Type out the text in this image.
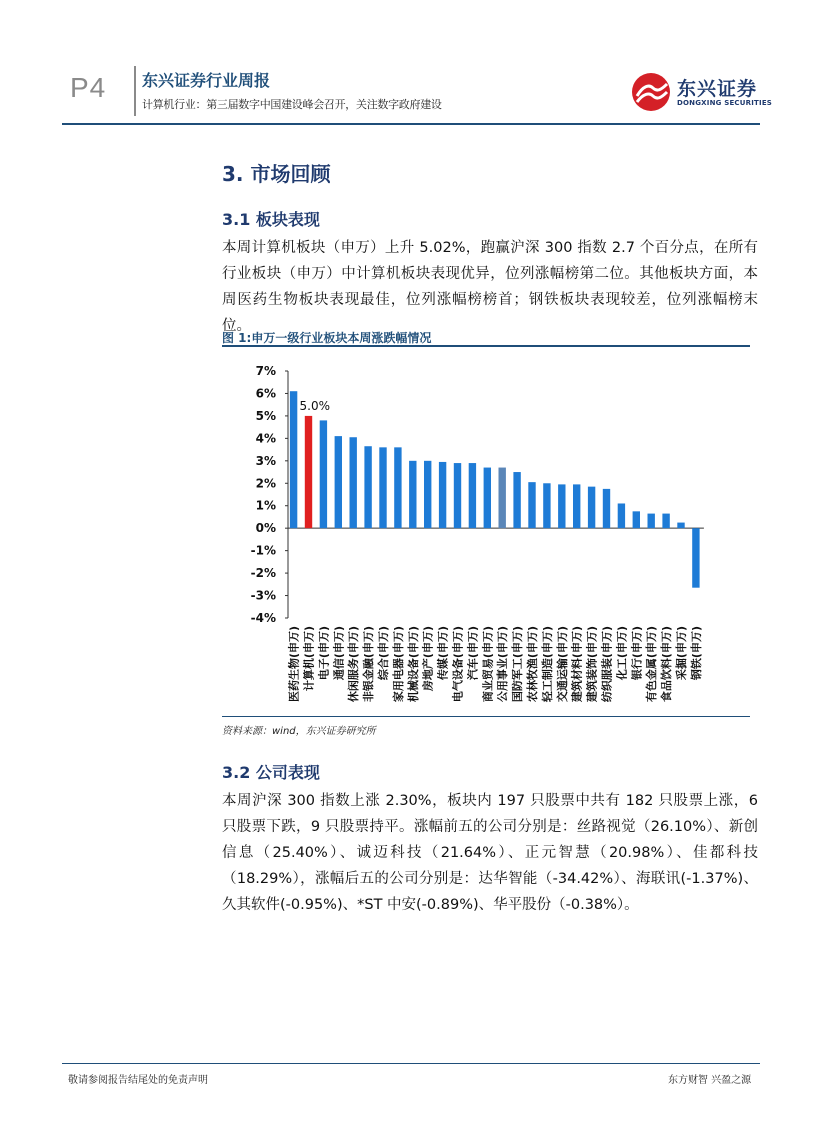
P4 东兴证券行业周报
计算机行业：第三届数字中国建设峰会召开，关注数字政府建设
东兴证券
DONGXING SECURITIES
3. 市场回顾
3.1 板块表现
本周计算机板块（申万）上升 5.02%，跑赢沪深 300 指数 2.7 个百分点，在所有行业板块（申万）中计算机板块表现优异，位列涨幅榜第二位。其他板块方面，本周医药生物板块表现最佳，位列涨幅榜榜首；钢铁板块表现较差，位列涨幅榜末位。
图 1:申万一级行业板块本周涨跌幅情况
7%
6%
5%
4%
3%
2%
1%
0%
-1%
-2%
-3%
-4%
5.0%
医药生物(申万) 计算机(申万) 电子(申万) 通信(申万) 休闲服务(申万) 非银金融(申万) 综合(申万) 家用电器(申万) 机械设备(申万) 房地产(申万) 传媒(申万) 电气设备(申万) 汽车(申万) 商业贸易(申万) 公用事业(申万) 国防军工(申万) 农林牧渔(申万) 轻工制造(申万) 交通运输(申万) 建筑材料(申万) 建筑装饰(申万) 纺织服装(申万) 化工(申万) 银行(申万) 有色金属(申万) 食品饮料(申万) 采掘(申万) 钢铁(申万)
资料来源：wind，东兴证券研究所
3.2 公司表现
本周沪深 300 指数上涨 2.30%，板块内 197 只股票中共有 182 只股票上涨，6 只股票下跌，9 只股票持平。涨幅前五的公司分别是：丝路视觉（26.10%）、新创信息（25.40%）、诚迈科技（21.64%）、正元智慧（20.98%）、佳都科技（18.29%），涨幅后五的公司分别是：达华智能（-34.42%）、海联讯(-1.37%)、久其软件(-0.95%)、*ST 中安(-0.89%)、华平股份（-0.38%）。
敬请参阅报告结尾处的免责声明	东方财智 兴盈之源
